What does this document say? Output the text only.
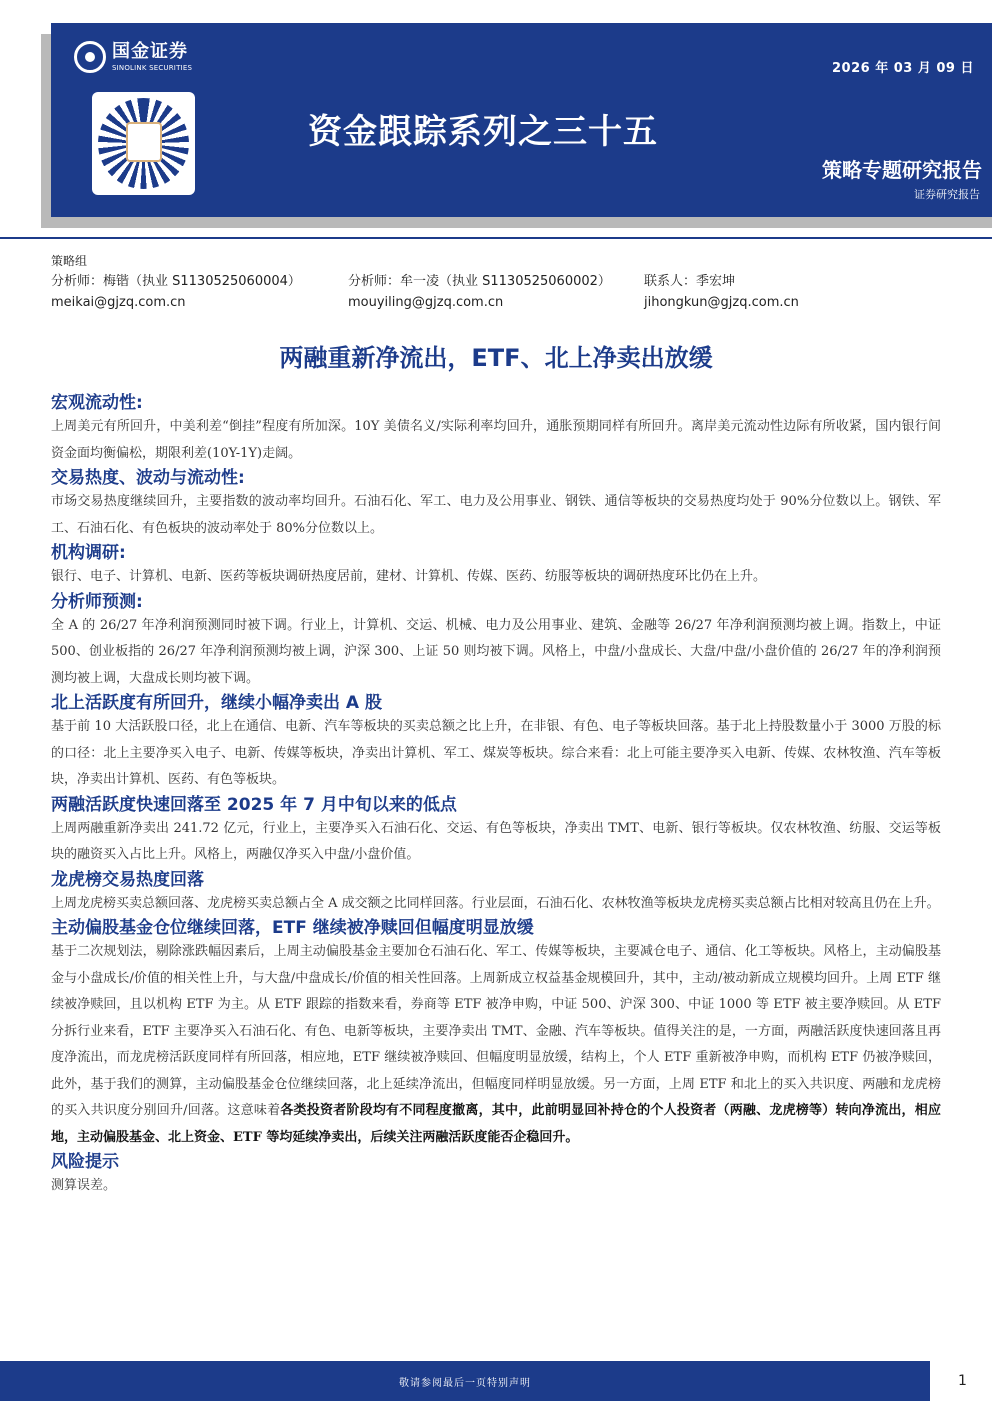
国金证券
SINOLINK SECURITIES	2026 年 03 月 09 日
资金跟踪系列之三十五
策略专题研究报告
证券研究报告
策略组
分析师：梅锴（执业 S1130525060004）
meikai@gjzq.com.cn
分析师：牟一凌（执业 S1130525060002）
mouyiling@gjzq.com.cn
联系人：季宏坤
jihongkun@gjzq.com.cn
两融重新净流出，ETF、北上净卖出放缓
宏观流动性:
上周美元有所回升，中美利差“倒挂”程度有所加深。10Y 美债名义/实际利率均回升，通胀预期同样有所回升。离岸美元流动性边际有所收紧，国内银行间资金面均衡偏松，期限利差(10Y-1Y)走阔。
交易热度、波动与流动性:
市场交易热度继续回升，主要指数的波动率均回升。石油石化、军工、电力及公用事业、钢铁、通信等板块的交易热度均处于 90%分位数以上。钢铁、军工、石油石化、有色板块的波动率处于 80%分位数以上。
机构调研:
银行、电子、计算机、电新、医药等板块调研热度居前，建材、计算机、传媒、医药、纺服等板块的调研热度环比仍在上升。
分析师预测:
全 A 的 26/27 年净利润预测同时被下调。行业上，计算机、交运、机械、电力及公用事业、建筑、金融等 26/27 年净利润预测均被上调。指数上，中证 500、创业板指的 26/27 年净利润预测均被上调，沪深 300、上证 50 则均被下调。风格上，中盘/小盘成长、大盘/中盘/小盘价值的 26/27 年的净利润预测均被上调，大盘成长则均被下调。
北上活跃度有所回升，继续小幅净卖出 A 股
基于前 10 大活跃股口径，北上在通信、电新、汽车等板块的买卖总额之比上升，在非银、有色、电子等板块回落。基于北上持股数量小于 3000 万股的标的口径：北上主要净买入电子、电新、传媒等板块，净卖出计算机、军工、煤炭等板块。综合来看：北上可能主要净买入电新、传媒、农林牧渔、汽车等板块，净卖出计算机、医药、有色等板块。
两融活跃度快速回落至 2025 年 7 月中旬以来的低点
上周两融重新净卖出 241.72 亿元，行业上，主要净买入石油石化、交运、有色等板块，净卖出 TMT、电新、银行等板块。仅农林牧渔、纺服、交运等板块的融资买入占比上升。风格上，两融仅净买入中盘/小盘价值。
龙虎榜交易热度回落
上周龙虎榜买卖总额回落、龙虎榜买卖总额占全 A 成交额之比同样回落。行业层面，石油石化、农林牧渔等板块龙虎榜买卖总额占比相对较高且仍在上升。
主动偏股基金仓位继续回落，ETF 继续被净赎回但幅度明显放缓
基于二次规划法，剔除涨跌幅因素后，上周主动偏股基金主要加仓石油石化、军工、传媒等板块，主要减仓电子、通信、化工等板块。风格上，主动偏股基金与小盘成长/价值的相关性上升，与大盘/中盘成长/价值的相关性回落。上周新成立权益基金规模回升，其中，主动/被动新成立规模均回升。上周 ETF 继续被净赎回，且以机构 ETF 为主。从 ETF 跟踪的指数来看，券商等 ETF 被净申购，中证 500、沪深 300、中证 1000 等 ETF 被主要净赎回。从 ETF 分拆行业来看，ETF 主要净买入石油石化、有色、电新等板块，主要净卖出 TMT、金融、汽车等板块。值得关注的是，一方面，两融活跃度快速回落且再度净流出，而龙虎榜活跃度同样有所回落，相应地，ETF 继续被净赎回、但幅度明显放缓，结构上，个人 ETF 重新被净申购，而机构 ETF 仍被净赎回，此外，基于我们的测算，主动偏股基金仓位继续回落，北上延续净流出，但幅度同样明显放缓。另一方面，上周 ETF 和北上的买入共识度、两融和龙虎榜的买入共识度分别回升/回落。这意味着各类投资者阶段均有不同程度撤离，其中，此前明显回补持仓的个人投资者（两融、龙虎榜等）转向净流出，相应地，主动偏股基金、北上资金、ETF 等均延续净卖出，后续关注两融活跃度能否企稳回升。
风险提示
测算误差。
敬请参阅最后一页特别声明	1
